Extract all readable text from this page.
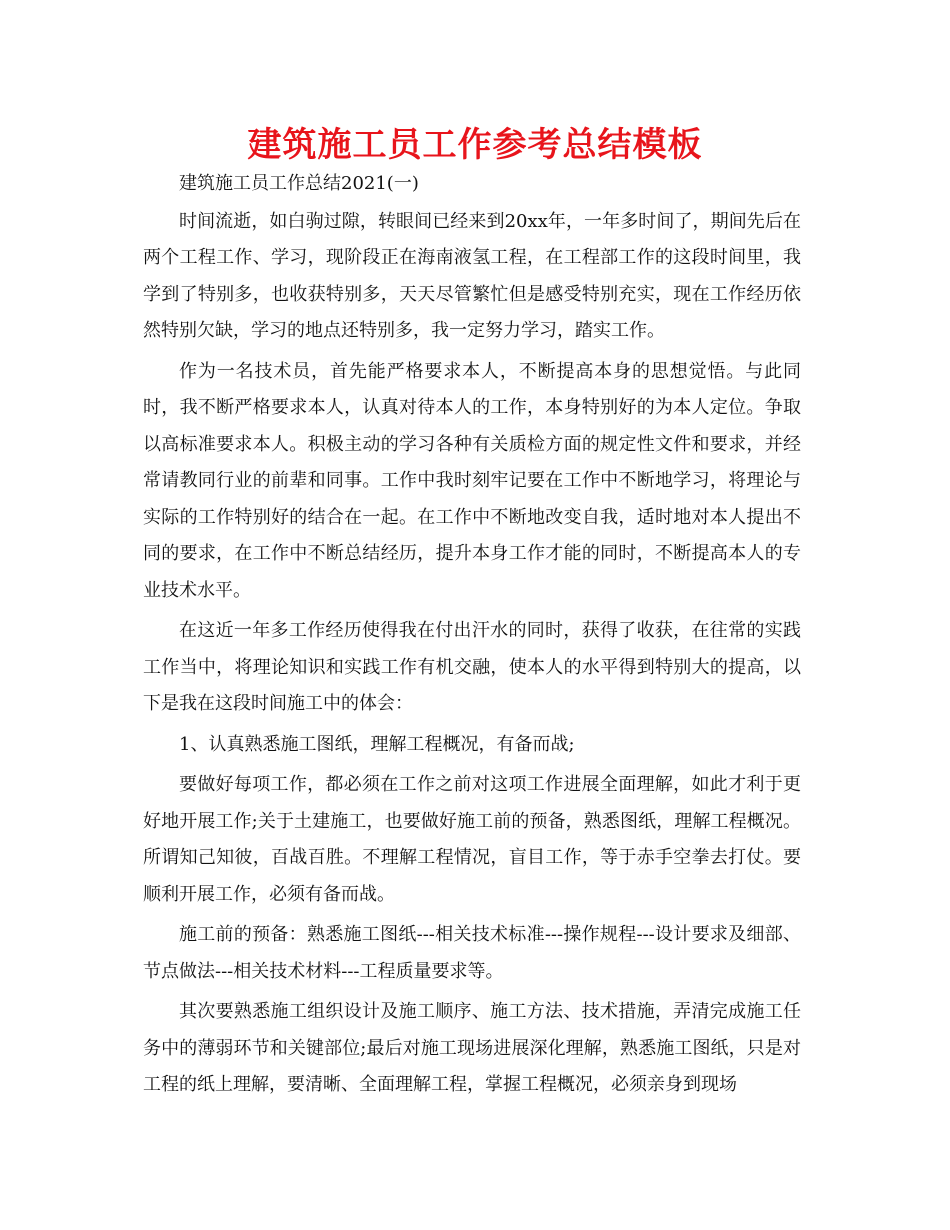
建筑施工员工作参考总结模板

建筑施工员工作总结2021(一)

时间流逝，如白驹过隙，转眼间已经来到20xx年，一年多时间了，期间先后在两个工程工作、学习，现阶段正在海南液氢工程，在工程部工作的这段时间里，我学到了特别多，也收获特别多，天天尽管繁忙但是感受特别充实，现在工作经历依然特别欠缺，学习的地点还特别多，我一定努力学习，踏实工作。

作为一名技术员，首先能严格要求本人，不断提高本身的思想觉悟。与此同时，我不断严格要求本人，认真对待本人的工作，本身特别好的为本人定位。争取以高标准要求本人。积极主动的学习各种有关质检方面的规定性文件和要求，并经常请教同行业的前辈和同事。工作中我时刻牢记要在工作中不断地学习，将理论与实际的工作特别好的结合在一起。在工作中不断地改变自我，适时地对本人提出不同的要求，在工作中不断总结经历，提升本身工作才能的同时，不断提高本人的专业技术水平。

在这近一年多工作经历使得我在付出汗水的同时，获得了收获，在往常的实践工作当中，将理论知识和实践工作有机交融，使本人的水平得到特别大的提高，以下是我在这段时间施工中的体会：

1、认真熟悉施工图纸，理解工程概况，有备而战;

要做好每项工作，都必须在工作之前对这项工作进展全面理解，如此才利于更好地开展工作;关于土建施工，也要做好施工前的预备，熟悉图纸，理解工程概况。所谓知己知彼，百战百胜。不理解工程情况，盲目工作，等于赤手空拳去打仗。要顺利开展工作，必须有备而战。

施工前的预备：熟悉施工图纸---相关技术标准---操作规程---设计要求及细部、节点做法---相关技术材料---工程质量要求等。

其次要熟悉施工组织设计及施工顺序、施工方法、技术措施，弄清完成施工任务中的薄弱环节和关键部位;最后对施工现场进展深化理解，熟悉施工图纸，只是对工程的纸上理解，要清晰、全面理解工程，掌握工程概况，必须亲身到现场
